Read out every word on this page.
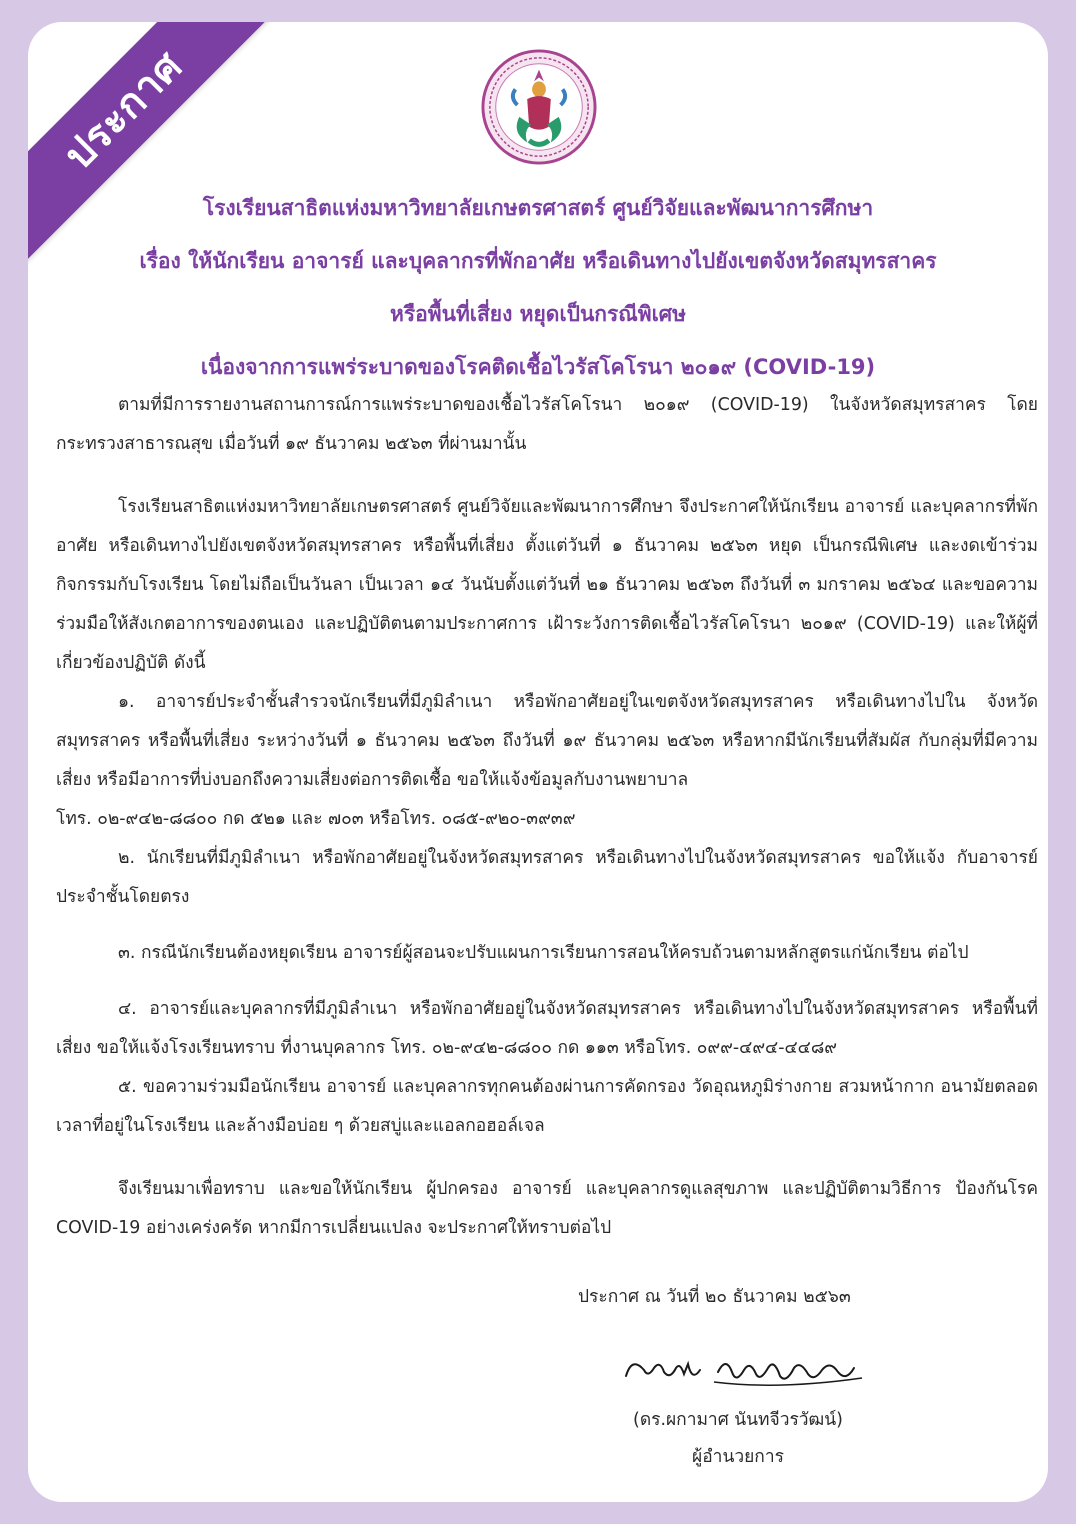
ประกาศ
โรงเรียนสาธิตแห่งมหาวิทยาลัยเกษตรศาสตร์ ศูนย์วิจัยและพัฒนาการศึกษา
เรื่อง ให้นักเรียน อาจารย์ และบุคลากรที่พักอาศัย หรือเดินทางไปยังเขตจังหวัดสมุทรสาคร
หรือพื้นที่เสี่ยง หยุดเป็นกรณีพิเศษ
เนื่องจากการแพร่ระบาดของโรคติดเชื้อไวรัสโคโรนา ๒๐๑๙ (COVID-19)

ตามที่มีการรายงานสถานการณ์การแพร่ระบาดของเชื้อไวรัสโคโรนา ๒๐๑๙ (COVID-19) ในจังหวัดสมุทรสาคร โดยกระทรวงสาธารณสุข เมื่อวันที่ ๑๙ ธันวาคม ๒๕๖๓ ที่ผ่านมานั้น

โรงเรียนสาธิตแห่งมหาวิทยาลัยเกษตรศาสตร์ ศูนย์วิจัยและพัฒนาการศึกษา จึงประกาศให้นักเรียน อาจารย์ และบุคลากรที่พักอาศัย หรือเดินทางไปยังเขตจังหวัดสมุทรสาคร หรือพื้นที่เสี่ยง ตั้งแต่วันที่ ๑ ธันวาคม ๒๕๖๓ หยุด เป็นกรณีพิเศษ และงดเข้าร่วมกิจกรรมกับโรงเรียน โดยไม่ถือเป็นวันลา เป็นเวลา ๑๔ วันนับตั้งแต่วันที่ ๒๑ ธันวาคม ๒๕๖๓ ถึงวันที่ ๓ มกราคม ๒๕๖๔ และขอความร่วมมือให้สังเกตอาการของตนเอง และปฏิบัติตนตามประกาศการ เฝ้าระวังการติดเชื้อไวรัสโคโรนา ๒๐๑๙ (COVID-19) และให้ผู้ที่เกี่ยวข้องปฏิบัติ ดังนี้

๑. อาจารย์ประจำชั้นสำรวจนักเรียนที่มีภูมิลำเนา หรือพักอาศัยอยู่ในเขตจังหวัดสมุทรสาคร หรือเดินทางไปใน จังหวัดสมุทรสาคร หรือพื้นที่เสี่ยง ระหว่างวันที่ ๑ ธันวาคม ๒๕๖๓ ถึงวันที่ ๑๙ ธันวาคม ๒๕๖๓ หรือหากมีนักเรียนที่สัมผัส กับกลุ่มที่มีความเสี่ยง หรือมีอาการที่บ่งบอกถึงความเสี่ยงต่อการติดเชื้อ ขอให้แจ้งข้อมูลกับงานพยาบาล

โทร. ๐๒-๙๔๒-๘๘๐๐ กด ๕๒๑ และ ๗๐๓ หรือโทร. ๐๘๕-๙๒๐-๓๙๓๙

๒. นักเรียนที่มีภูมิลำเนา หรือพักอาศัยอยู่ในจังหวัดสมุทรสาคร หรือเดินทางไปในจังหวัดสมุทรสาคร ขอให้แจ้ง กับอาจารย์ประจำชั้นโดยตรง

๓. กรณีนักเรียนต้องหยุดเรียน อาจารย์ผู้สอนจะปรับแผนการเรียนการสอนให้ครบถ้วนตามหลักสูตรแก่นักเรียน ต่อไป

๔. อาจารย์และบุคลากรที่มีภูมิลำเนา หรือพักอาศัยอยู่ในจังหวัดสมุทรสาคร หรือเดินทางไปในจังหวัดสมุทรสาคร หรือพื้นที่เสี่ยง ขอให้แจ้งโรงเรียนทราบ ที่งานบุคลากร โทร. ๐๒-๙๔๒-๘๘๐๐ กด ๑๑๓ หรือโทร. ๐๙๙-๔๙๔-๔๔๘๙

๕. ขอความร่วมมือนักเรียน อาจารย์ และบุคลากรทุกคนต้องผ่านการคัดกรอง วัดอุณหภูมิร่างกาย สวมหน้ากาก อนามัยตลอดเวลาที่อยู่ในโรงเรียน และล้างมือบ่อย ๆ ด้วยสบู่และแอลกอฮอล์เจล

จึงเรียนมาเพื่อทราบ และขอให้นักเรียน ผู้ปกครอง อาจารย์ และบุคลากรดูแลสุขภาพ และปฏิบัติตามวิธีการ ป้องกันโรค COVID-19 อย่างเคร่งครัด หากมีการเปลี่ยนแปลง จะประกาศให้ทราบต่อไป

ประกาศ ณ วันที่ ๒๐ ธันวาคม ๒๕๖๓
(ดร.ผกามาศ นันทจีวรวัฒน์)
ผู้อำนวยการ
